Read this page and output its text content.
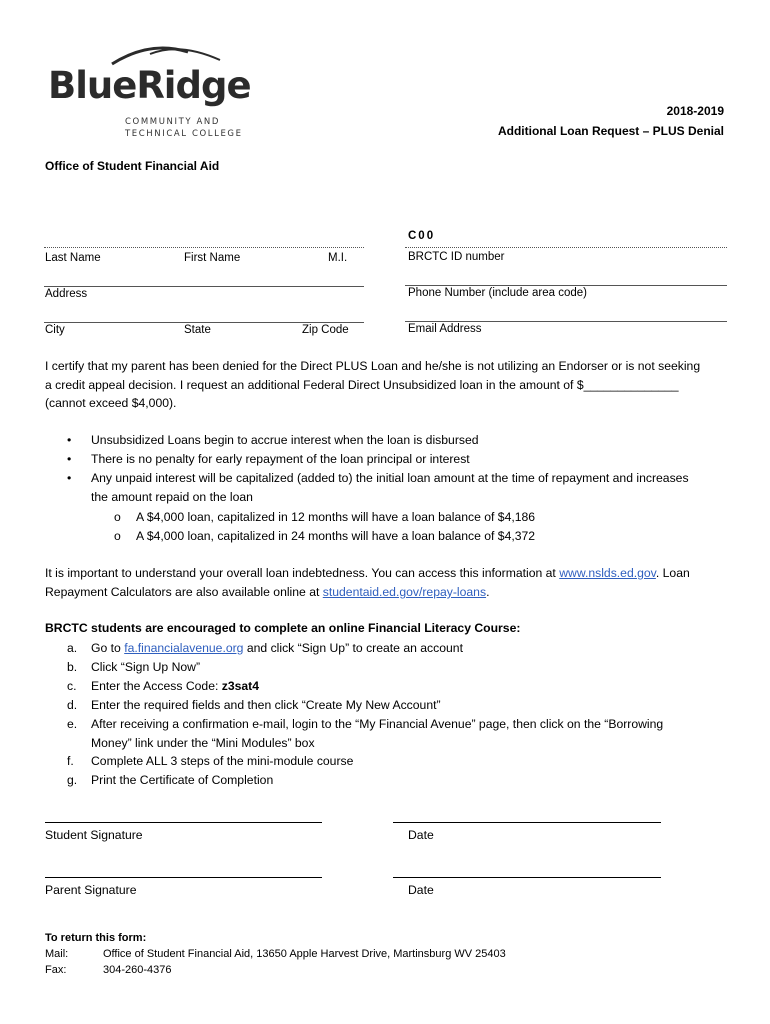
BlueRidge
COMMUNITY AND
TECHNICAL COLLEGE
2018-2019
Additional Loan Request – PLUS Denial
Office of Student Financial Aid
C00
Last Name	First Name	M.I.	BRCTC ID number
Address	Phone Number (include area code)
City	State	Zip Code	Email Address
I certify that my parent has been denied for the Direct PLUS Loan and he/she is not utilizing an Endorser or is not seeking
a credit appeal decision. I request an additional Federal Direct Unsubsidized loan in the amount of $______________
(cannot exceed $4,000).
• Unsubsidized Loans begin to accrue interest when the loan is disbursed
• There is no penalty for early repayment of the loan principal or interest
• Any unpaid interest will be capitalized (added to) the initial loan amount at the time of repayment and increases
the amount repaid on the loan
o A $4,000 loan, capitalized in 12 months will have a loan balance of $4,186
o A $4,000 loan, capitalized in 24 months will have a loan balance of $4,372
It is important to understand your overall loan indebtedness. You can access this information at www.nslds.ed.gov. Loan
Repayment Calculators are also available online at studentaid.ed.gov/repay-loans.
BRCTC students are encouraged to complete an online Financial Literacy Course:
a. Go to fa.financialavenue.org and click “Sign Up” to create an account
b. Click “Sign Up Now”
c. Enter the Access Code: z3sat4
d. Enter the required fields and then click “Create My New Account”
e. After receiving a confirmation e-mail, login to the “My Financial Avenue” page, then click on the “Borrowing
Money” link under the “Mini Modules” box
f. Complete ALL 3 steps of the mini-module course
g. Print the Certificate of Completion
Student Signature	Date
Parent Signature	Date
To return this form:
Mail:	Office of Student Financial Aid, 13650 Apple Harvest Drive, Martinsburg WV 25403
Fax:	304-260-4376
